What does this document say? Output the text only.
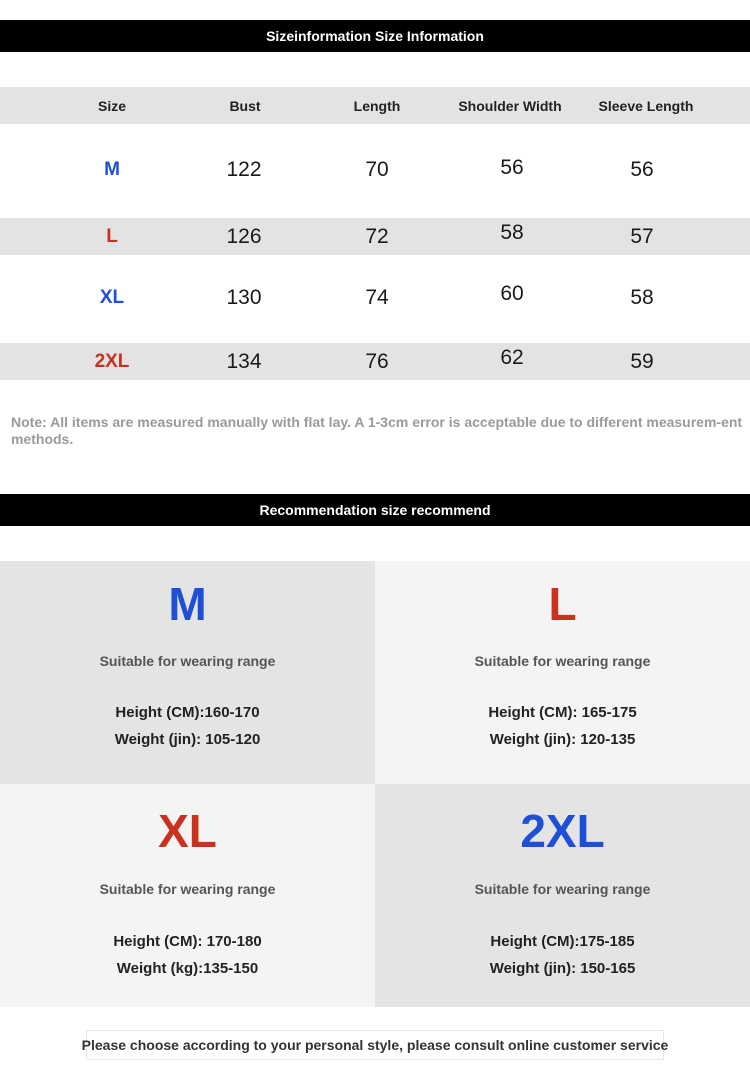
Sizeinformation Size Information
Size	Bust	Length	Shoulder Width	Sleeve Length
M	122	70	56	56
L	126	72	58	57
XL	130	74	60	58
2XL	134	76	62	59
Note: All items are measured manually with flat lay. A 1-3cm error is acceptable due to different measurem-ent methods.
Recommendation size recommend
M
Suitable for wearing range
Height (CM):160-170
Weight (jin): 105-120
L
Suitable for wearing range
Height (CM): 165-175
Weight (jin): 120-135
XL
Suitable for wearing range
Height (CM): 170-180
Weight (kg):135-150
2XL
Suitable for wearing range
Height (CM):175-185
Weight (jin): 150-165
Please choose according to your personal style, please consult online customer service
